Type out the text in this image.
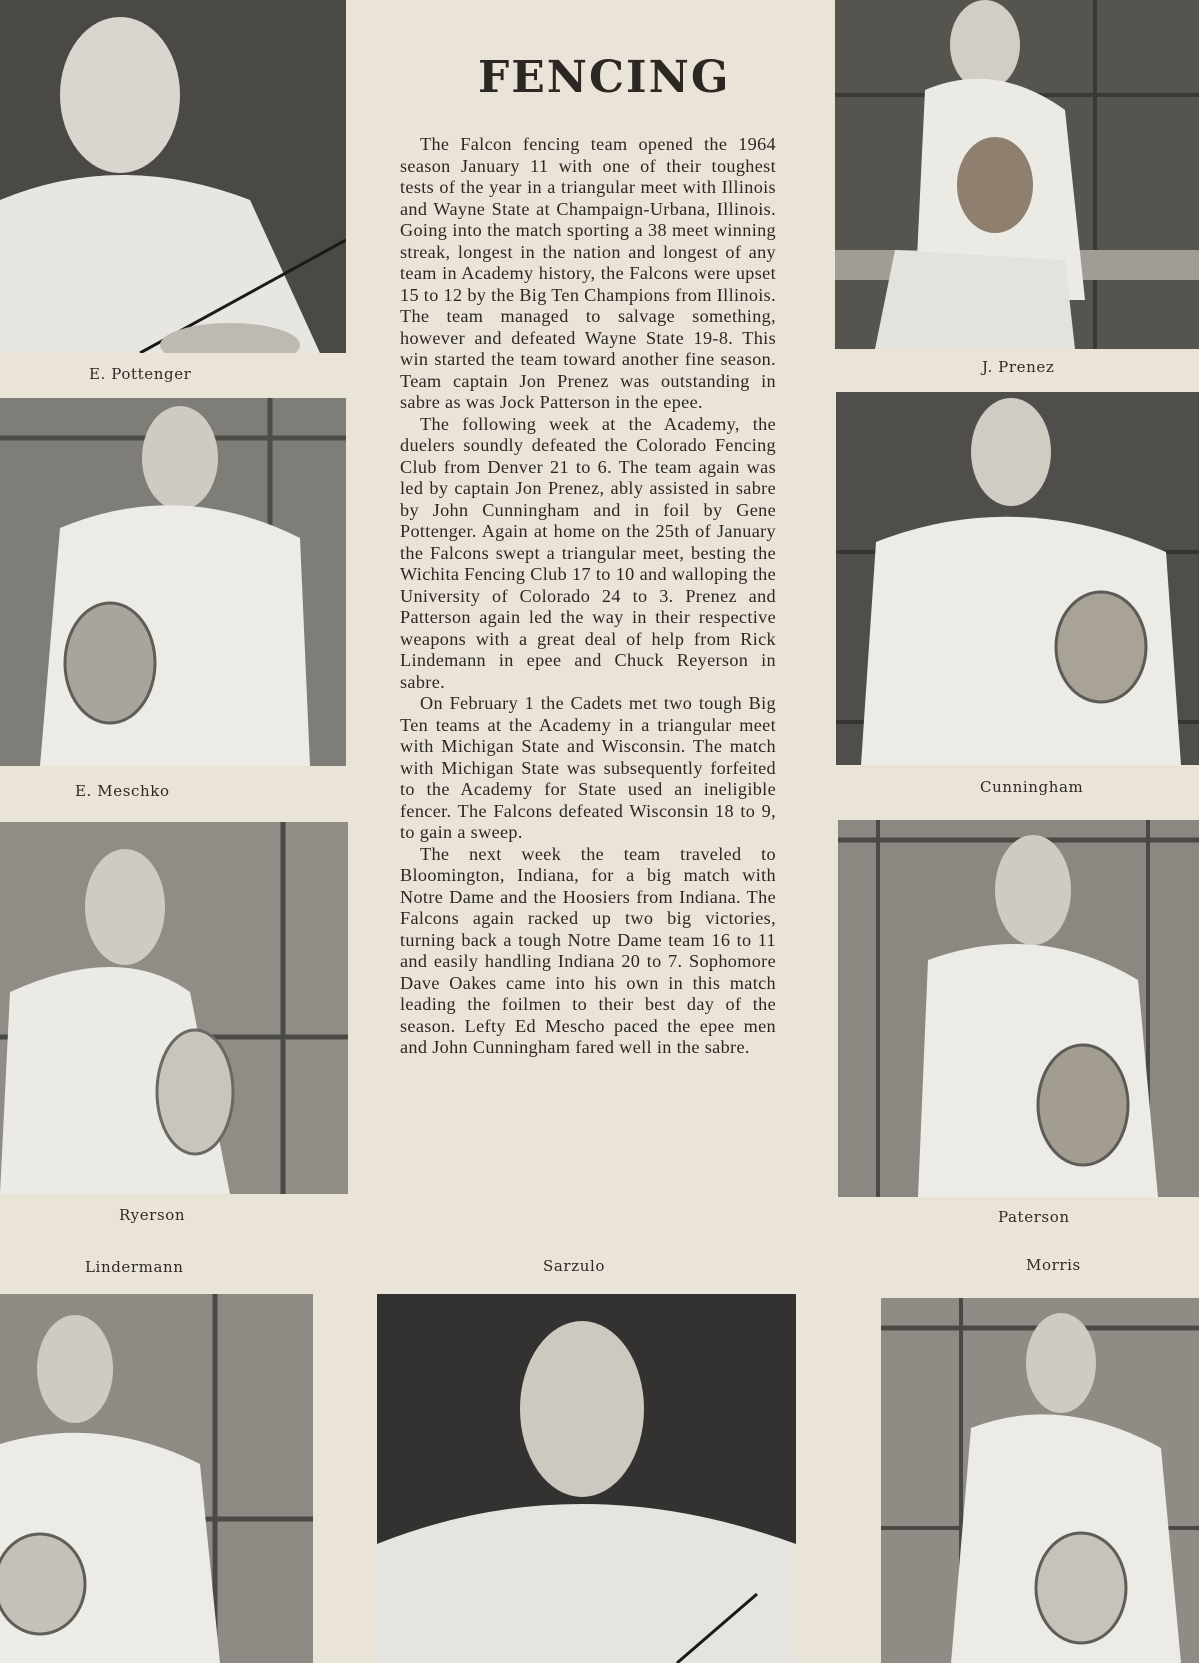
FENCING

The Falcon fencing team opened the 1964 season January 11 with one of their toughest tests of the year in a triangular meet with Illinois and Wayne State at Champaign-Urbana, Illinois. Going into the match sporting a 38 meet winning streak, longest in the nation and longest of any team in Academy history, the Falcons were upset 15 to 12 by the Big Ten Champions from Illinois. The team managed to salvage something, however and defeated Wayne State 19-8. This win started the team toward another fine season. Team captain Jon Prenez was outstanding in sabre as was Jock Patterson in the epee.

The following week at the Academy, the duelers soundly defeated the Colorado Fencing Club from Denver 21 to 6. The team again was led by captain Jon Prenez, ably assisted in sabre by John Cunningham and in foil by Gene Pottenger. Again at home on the 25th of January the Falcons swept a triangular meet, besting the Wichita Fencing Club 17 to 10 and walloping the University of Colorado 24 to 3. Prenez and Patterson again led the way in their respective weapons with a great deal of help from Rick Lindemann in epee and Chuck Reyerson in sabre.

On February 1 the Cadets met two tough Big Ten teams at the Academy in a triangular meet with Michigan State and Wisconsin. The match with Michigan State was subsequently forfeited to the Academy for State used an ineligible fencer. The Falcons defeated Wisconsin 18 to 9, to gain a sweep.

The next week the team traveled to Bloomington, Indiana, for a big match with Notre Dame and the Hoosiers from Indiana. The Falcons again racked up two big victories, turning back a tough Notre Dame team 16 to 11 and easily handling Indiana 20 to 7. Sophomore Dave Oakes came into his own in this match leading the foilmen to their best day of the season. Lefty Ed Mescho paced the epee men and John Cunningham fared well in the sabre.

E. Pottenger
E. Meschko
Ryerson
Lindermann
J. Prenez
Cunningham
Paterson
Sarzulo	Morris
